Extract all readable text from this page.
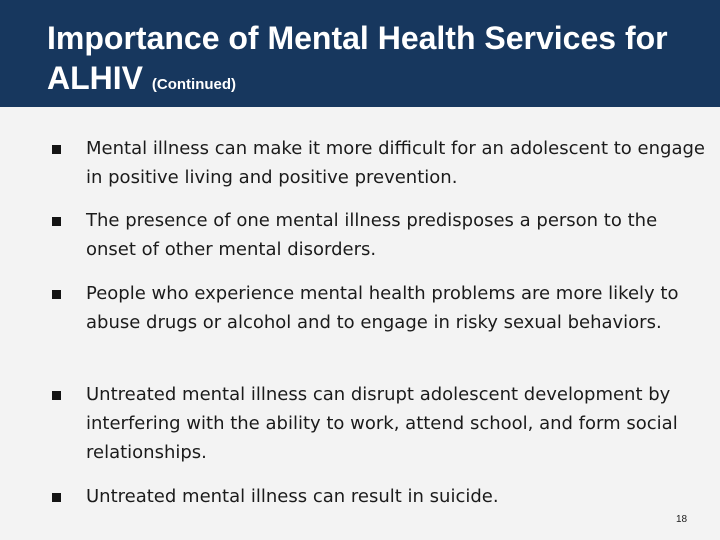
Importance of Mental Health Services for ALHIV (Continued)
Mental illness can make it more difficult for an adolescent to engage in positive living and positive prevention.
The presence of one mental illness predisposes a person to the onset of other mental disorders.
People who experience mental health problems are more likely to abuse drugs or alcohol and to engage in risky sexual behaviors.
Untreated mental illness can disrupt adolescent development by interfering with the ability to work, attend school, and form social relationships.
Untreated mental illness can result in suicide.
18
